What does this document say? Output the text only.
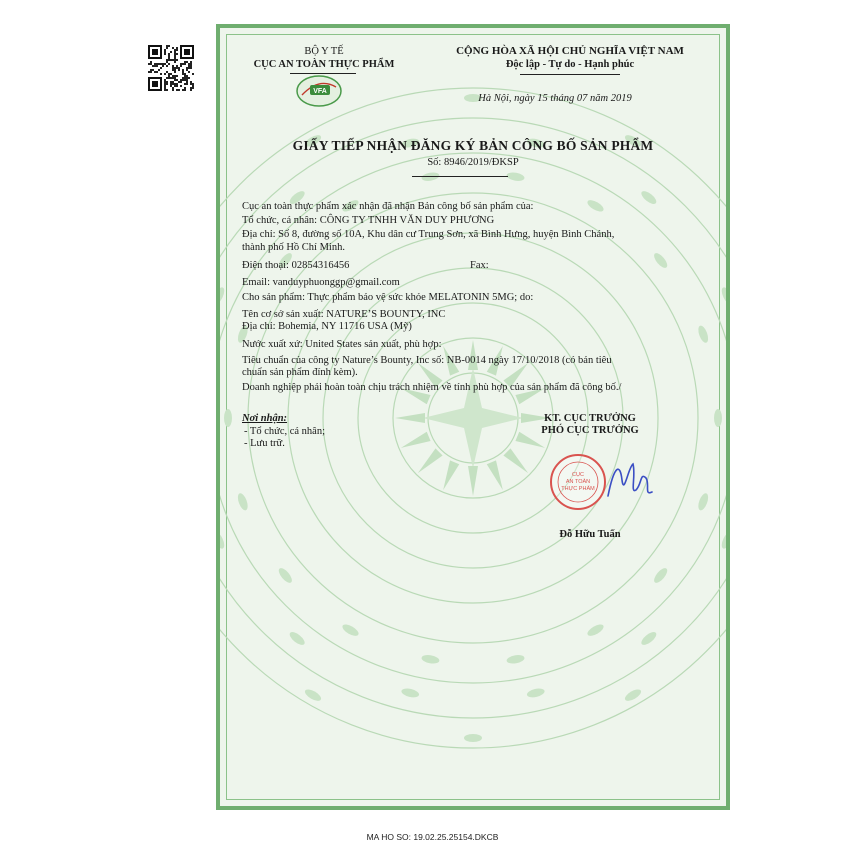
BỘ Y TẾ
CỤC AN TOÀN THỰC PHẨM
VFA
CỘNG HÒA XÃ HỘI CHỦ NGHĨA VIỆT NAM
Độc lập - Tự do - Hạnh phúc
Hà Nội, ngày 15 tháng 07 năm 2019
GIẤY TIẾP NHẬN ĐĂNG KÝ BẢN CÔNG BỐ SẢN PHẨM
Số: 8946/2019/ĐKSP
Cục an toàn thực phẩm xác nhận đã nhận Bản công bố sản phẩm của:
Tổ chức, cá nhân: CÔNG TY TNHH VĂN DUY PHƯƠNG
Địa chỉ: Số 8, đường số 10A, Khu dân cư Trung Sơn, xã Bình Hưng, huyện Bình Chánh,
thành phố Hồ Chí Minh.
Điện thoại: 02854316456	Fax:
Email: vanduyphuonggp@gmail.com
Cho sản phẩm: Thực phẩm bảo vệ sức khỏe MELATONIN 5MG; do:
Tên cơ sở sản xuất: NATURE’S BOUNTY, INC
Địa chỉ: Bohemia, NY 11716 USA (Mỹ)
Nước xuất xứ: United States sản xuất, phù hợp:
Tiêu chuẩn của công ty Nature’s Bounty, Inc số: NB-0014 ngày 17/10/2018 (có bản tiêu
chuẩn sản phẩm đính kèm).
Doanh nghiệp phải hoàn toàn chịu trách nhiệm về tính phù hợp của sản phẩm đã công bố./
Nơi nhận:
- Tổ chức, cá nhân;
- Lưu trữ.
KT. CỤC TRƯỞNG
PHÓ CỤC TRƯỞNG
CỤC
AN TOÀN
THỰC PHẨM
Đỗ Hữu Tuấn
MA HO SO: 19.02.25.25154.DKCB
